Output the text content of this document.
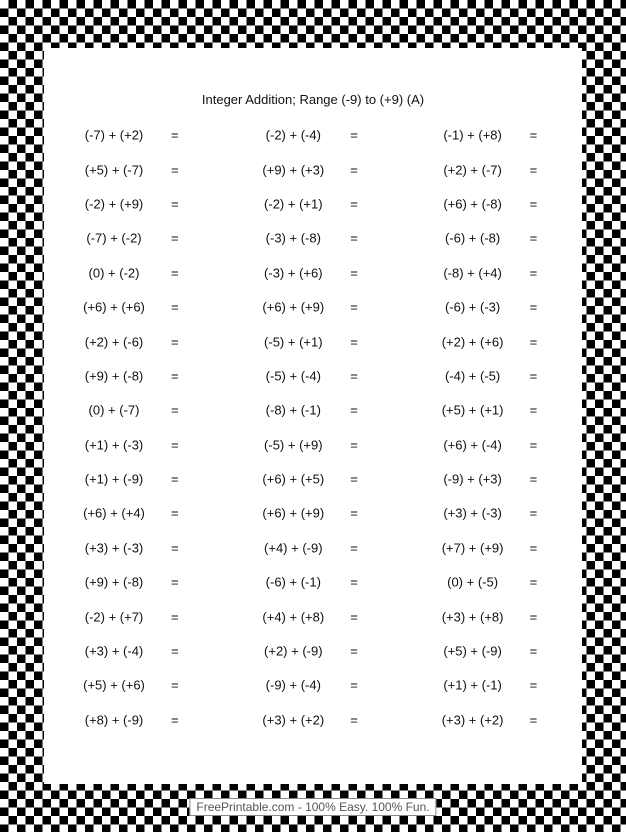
Integer Addition; Range (-9) to (+9) (A)
(-7) + (+2)	=	(-2) + (-4)	=	(-1) + (+8)	=
(+5) + (-7)	=	(+9) + (+3)	=	(+2) + (-7)	=
(-2) + (+9)	=	(-2) + (+1)	=	(+6) + (-8)	=
(-7) + (-2)	=	(-3) + (-8)	=	(-6) + (-8)	=
(0) + (-2)	=	(-3) + (+6)	=	(-8) + (+4)	=
(+6) + (+6)	=	(+6) + (+9)	=	(-6) + (-3)	=
(+2) + (-6)	=	(-5) + (+1)	=	(+2) + (+6)	=
(+9) + (-8)	=	(-5) + (-4)	=	(-4) + (-5)	=
(0) + (-7)	=	(-8) + (-1)	=	(+5) + (+1)	=
(+1) + (-3)	=	(-5) + (+9)	=	(+6) + (-4)	=
(+1) + (-9)	=	(+6) + (+5)	=	(-9) + (+3)	=
(+6) + (+4)	=	(+6) + (+9)	=	(+3) + (-3)	=
(+3) + (-3)	=	(+4) + (-9)	=	(+7) + (+9)	=
(+9) + (-8)	=	(-6) + (-1)	=	(0) + (-5)	=
(-2) + (+7)	=	(+4) + (+8)	=	(+3) + (+8)	=
(+3) + (-4)	=	(+2) + (-9)	=	(+5) + (-9)	=
(+5) + (+6)	=	(-9) + (-4)	=	(+1) + (-1)	=
(+8) + (-9)	=	(+3) + (+2)	=	(+3) + (+2)	=
FreePrintable.com - 100% Easy. 100% Fun.
